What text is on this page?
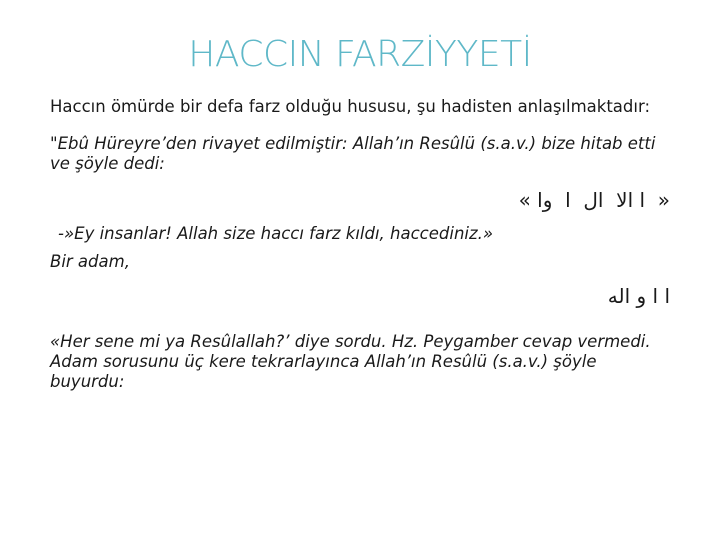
HACCIN FARZİYYETİ

Haccın ömürde bir defa farz olduğu hususu, şu hadisten anlaşılmaktadır:

"Ebû Hüreyre’den rivayet edilmiştir: Allah’ın Resûlü (s.a.v.) bize hitab etti ve şöyle dedi:

«  ا الا  ال  ا  وا »

-»Ey insanlar! Allah size haccı farz kıldı, haccediniz.»

Bir adam,

ا ا و اله

«Her sene mi ya Resûlallah?’ diye sordu. Hz. Peygamber cevap vermedi. Adam sorusunu üç kere tekrarlayınca Allah’ın Resûlü (s.a.v.) şöyle buyurdu:
